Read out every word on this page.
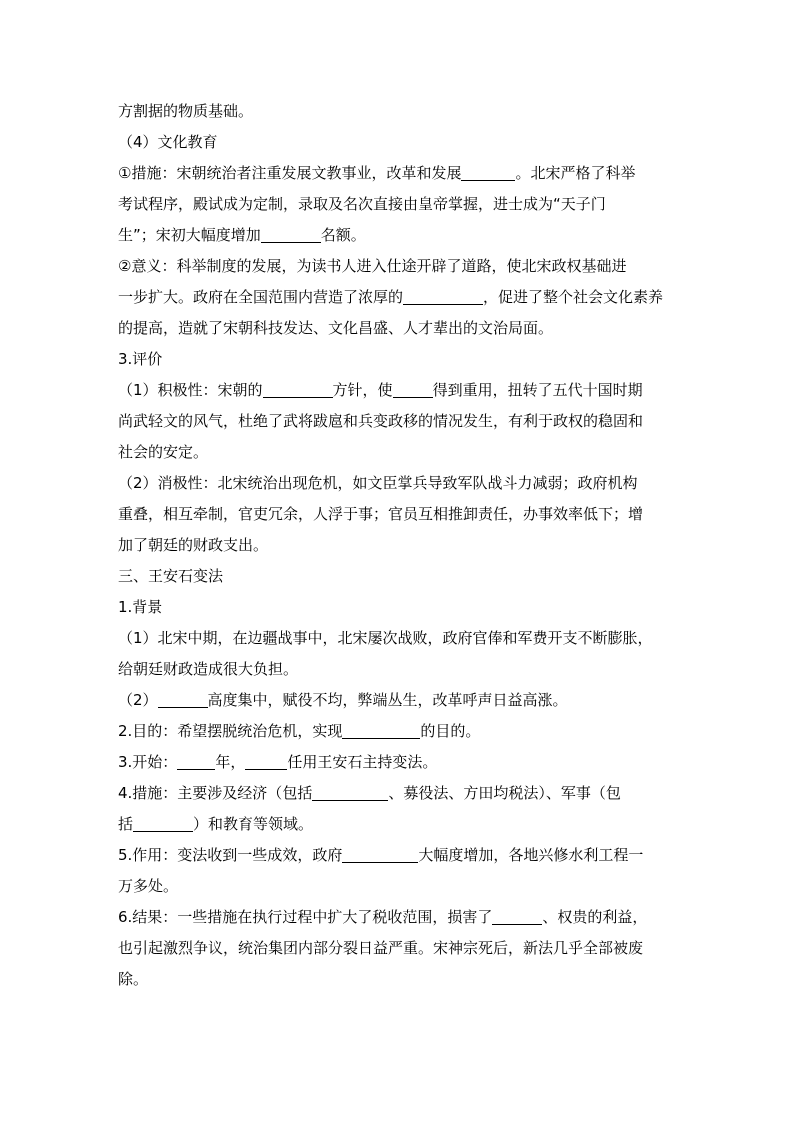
方割据的物质基础。
（4）文化教育
①措施：宋朝统治者注重发展文教事业，改革和发展	。北宋严格了科举
考试程序，殿试成为定制，录取及名次直接由皇帝掌握，进士成为“天子门
生”；宋初大幅度增加	名额。
②意义：科举制度的发展，为读书人进入仕途开辟了道路，使北宋政权基础进
一步扩大。政府在全国范围内营造了浓厚的	，促进了整个社会文化素养
的提高，造就了宋朝科技发达、文化昌盛、人才辈出的文治局面。
3.评价
（1）积极性：宋朝的	方针，使	得到重用，扭转了五代十国时期
尚武轻文的风气，杜绝了武将跋扈和兵变政移的情况发生，有利于政权的稳固和
社会的安定。
（2）消极性：北宋统治出现危机，如文臣掌兵导致军队战斗力减弱；政府机构
重叠，相互牵制，官吏冗余，人浮于事；官员互相推卸责任，办事效率低下；增
加了朝廷的财政支出。
三、王安石变法
1.背景
（1）北宋中期，在边疆战事中，北宋屡次战败，政府官俸和军费开支不断膨胀，
给朝廷财政造成很大负担。
（2）	高度集中，赋役不均，弊端丛生，改革呼声日益高涨。
2.目的：希望摆脱统治危机，实现	的目的。
3.开始：	年，	任用王安石主持变法。
4.措施：主要涉及经济（包括	、募役法、方田均税法）、军事（包
括	）和教育等领域。
5.作用：变法收到一些成效，政府	大幅度增加，各地兴修水利工程一
万多处。
6.结果：一些措施在执行过程中扩大了税收范围，损害了	、权贵的利益，
也引起激烈争议，统治集团内部分裂日益严重。宋神宗死后，新法几乎全部被废
除。
